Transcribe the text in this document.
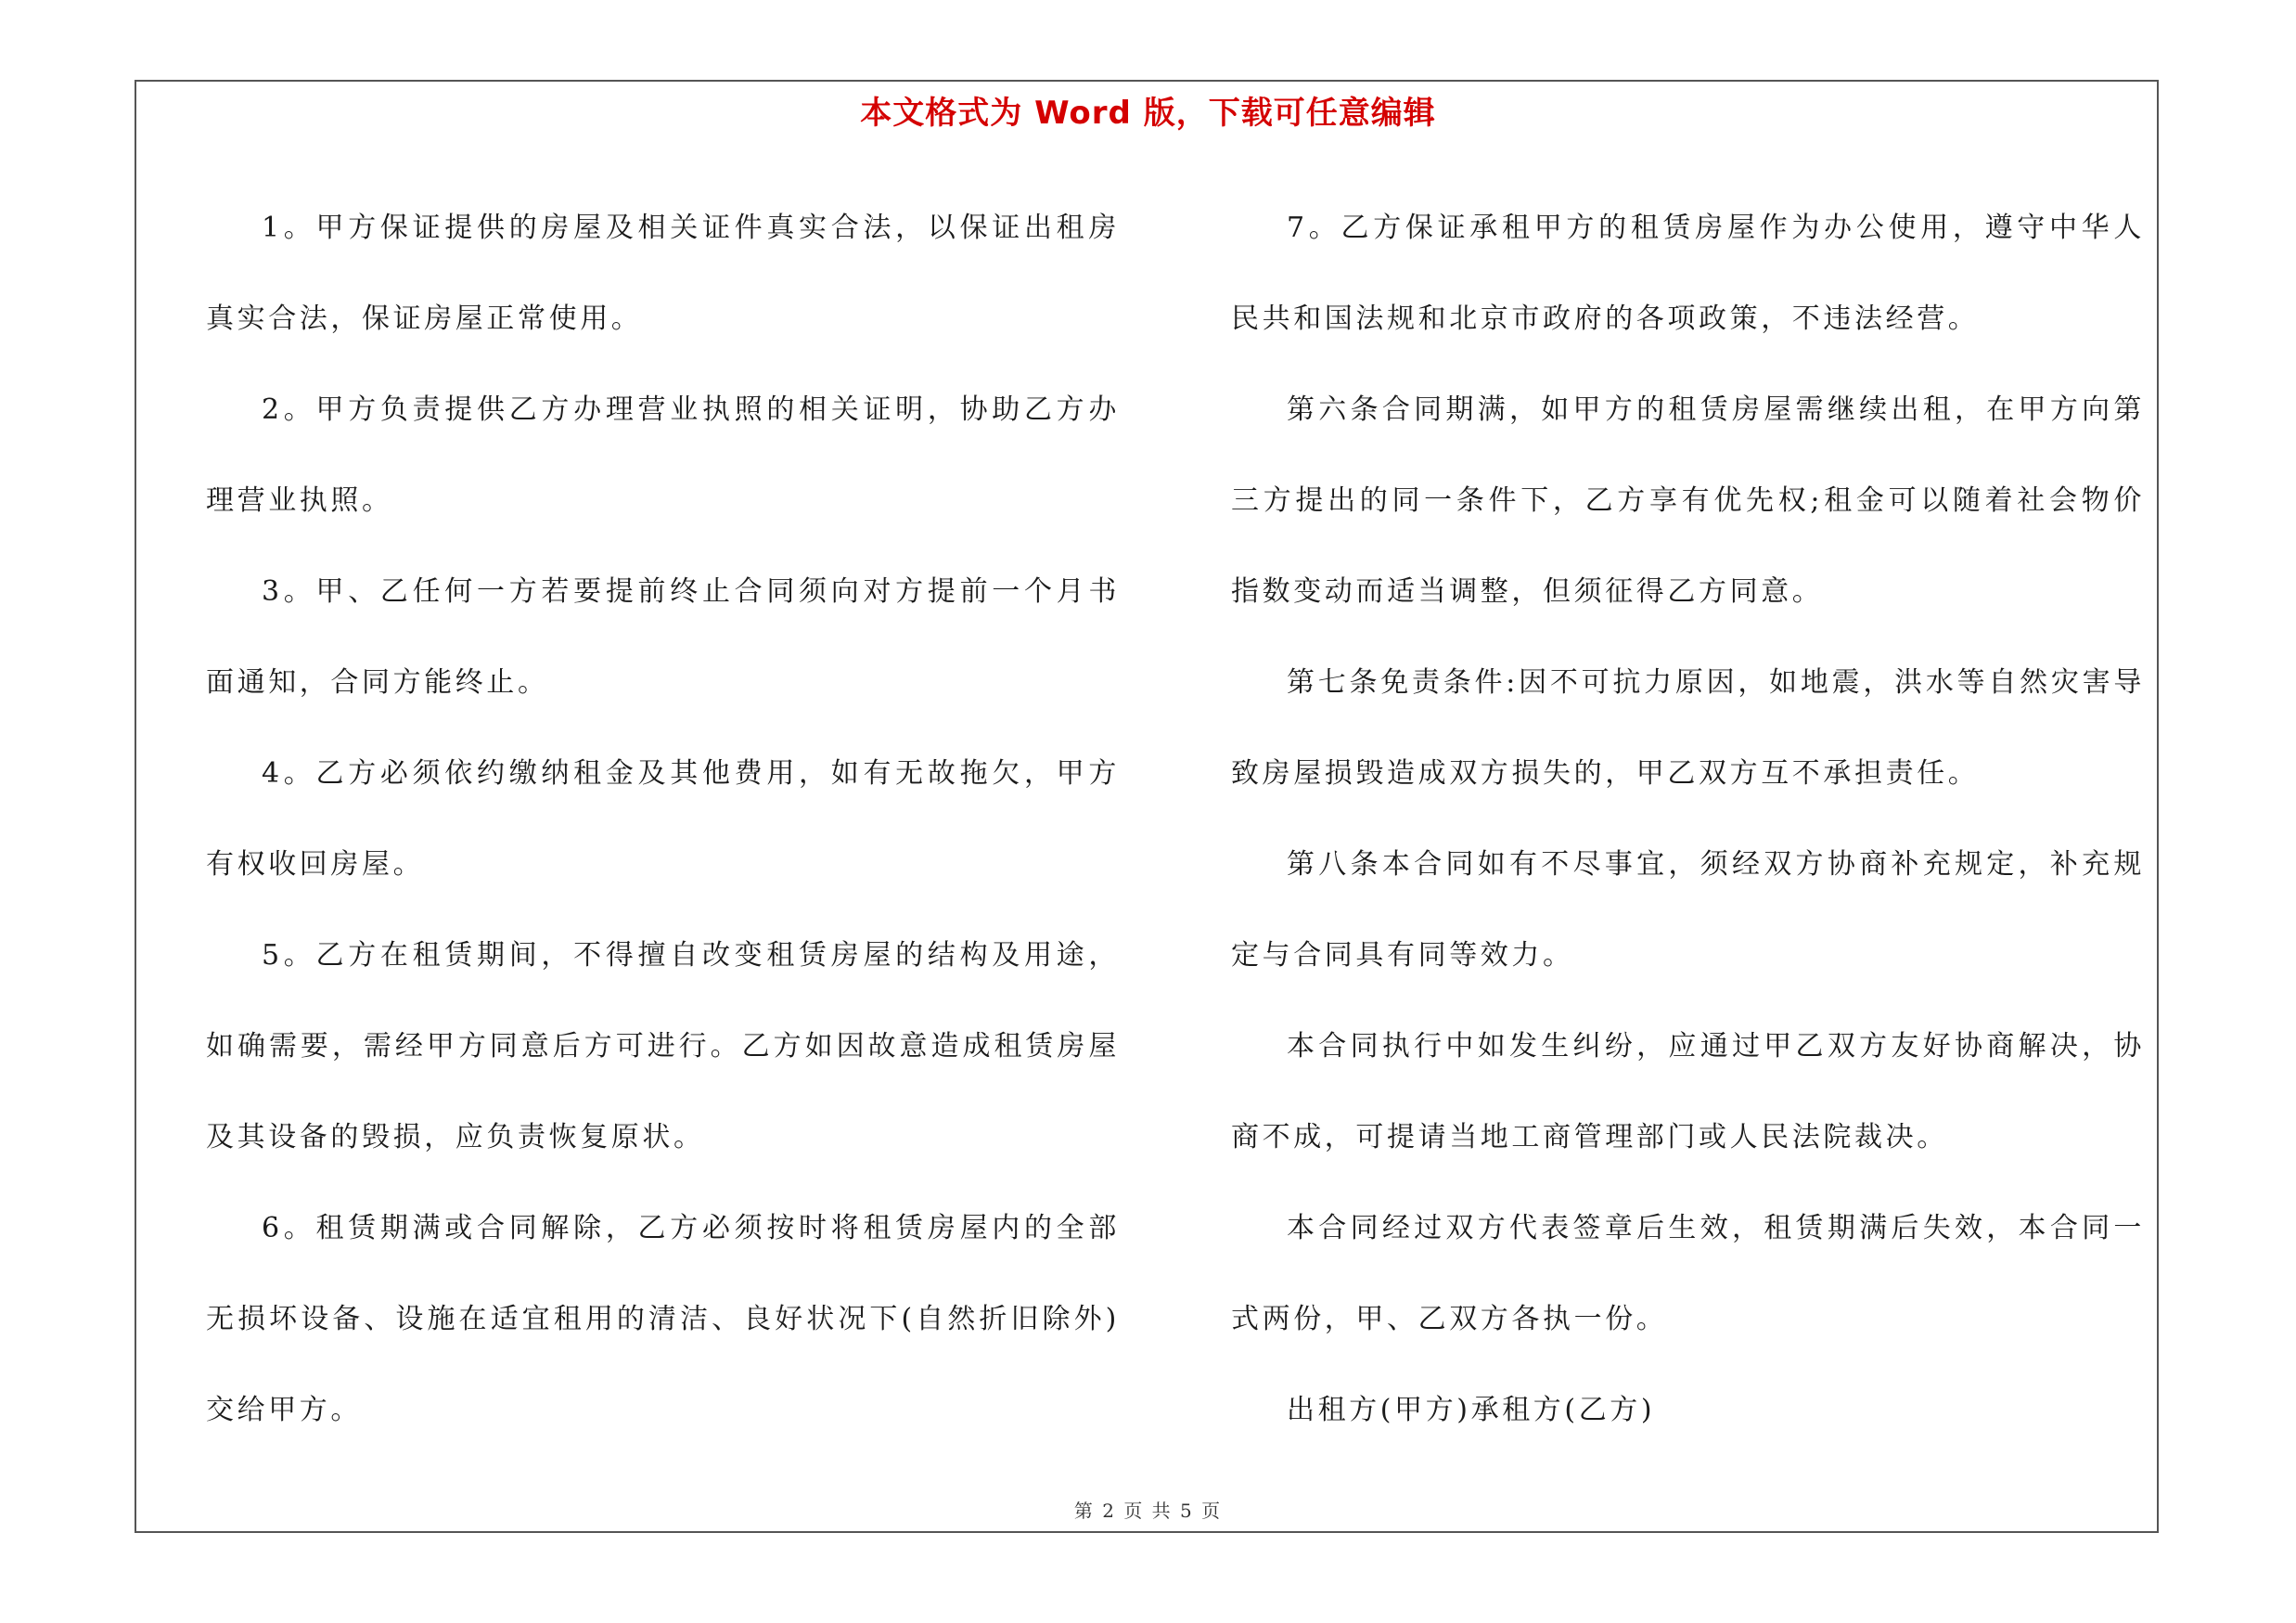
本文格式为 Word 版，下载可任意编辑

1。甲方保证提供的房屋及相关证件真实合法，以保证出租房真实合法，保证房屋正常使用。

2。甲方负责提供乙方办理营业执照的相关证明，协助乙方办理营业执照。

3。甲、乙任何一方若要提前终止合同须向对方提前一个月书面通知，合同方能终止。

4。乙方必须依约缴纳租金及其他费用，如有无故拖欠，甲方有权收回房屋。

5。乙方在租赁期间，不得擅自改变租赁房屋的结构及用途，如确需要，需经甲方同意后方可进行。乙方如因故意造成租赁房屋及其设备的毁损，应负责恢复原状。

6。租赁期满或合同解除，乙方必须按时将租赁房屋内的全部无损坏设备、设施在适宜租用的清洁、良好状况下(自然折旧除外)交给甲方。

7。乙方保证承租甲方的租赁房屋作为办公使用，遵守中华人民共和国法规和北京市政府的各项政策，不违法经营。

第六条合同期满，如甲方的租赁房屋需继续出租，在甲方向第三方提出的同一条件下，乙方享有优先权;租金可以随着社会物价指数变动而适当调整，但须征得乙方同意。

第七条免责条件:因不可抗力原因，如地震，洪水等自然灾害导致房屋损毁造成双方损失的，甲乙双方互不承担责任。

第八条本合同如有不尽事宜，须经双方协商补充规定，补充规定与合同具有同等效力。

本合同执行中如发生纠纷，应通过甲乙双方友好协商解决，协商不成，可提请当地工商管理部门或人民法院裁决。

本合同经过双方代表签章后生效，租赁期满后失效，本合同一式两份，甲、乙双方各执一份。

出租方(甲方)承租方(乙方)

第 2 页 共 5 页
